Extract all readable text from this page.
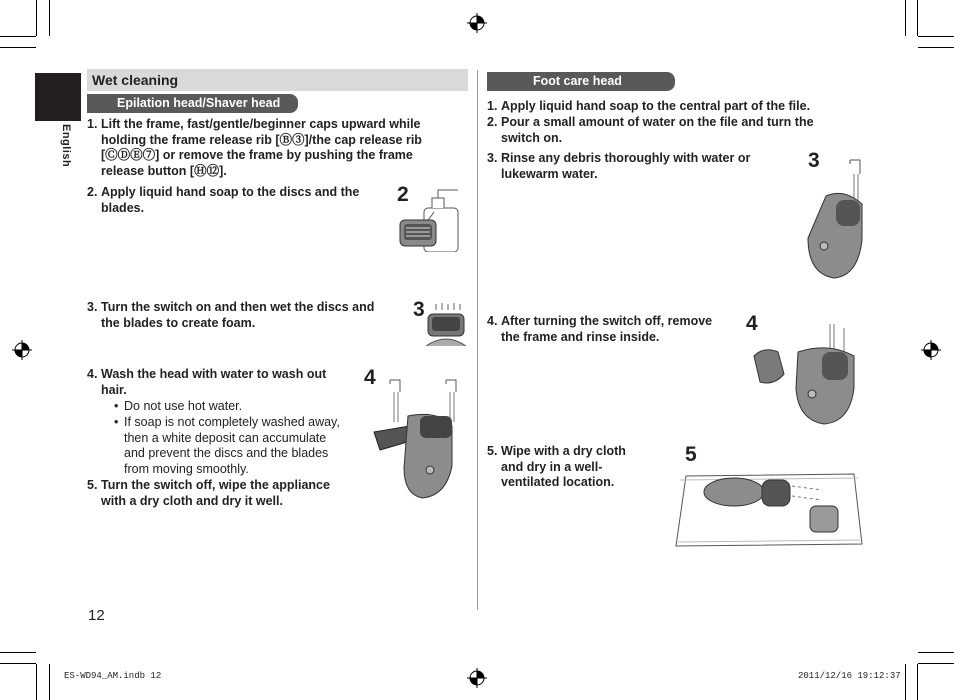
English
Wet cleaning
Epilation head/Shaver head
1. Lift the frame, fast/gentle/beginner caps upward while
holding the frame release rib [Ⓑ③]/the cap release rib
[ⒸⒹⒺ⑦] or remove the frame by pushing the frame
release button [Ⓗ⑫].
2. Apply liquid hand soap to the discs and the
blades.
2
3. Turn the switch on and then wet the discs and
the blades to create foam.
3
4. Wash the head with water to wash out
hair.
• Do not use hot water.
• If soap is not completely washed away,
then a white deposit can accumulate
and prevent the discs and the blades
from moving smoothly.
4
5. Turn the switch off, wipe the appliance
with a dry cloth and dry it well.
Foot care head
1. Apply liquid hand soap to the central part of the file.
2. Pour a small amount of water on the file and turn the
switch on.
3. Rinse any debris thoroughly with water or
lukewarm water.
3
4. After turning the switch off, remove
the frame and rinse inside.
4
5. Wipe with a dry cloth
and dry in a well-
ventilated location.
5
12
ES-WD94_AM.indb 12	2011/12/16 19:12:37
